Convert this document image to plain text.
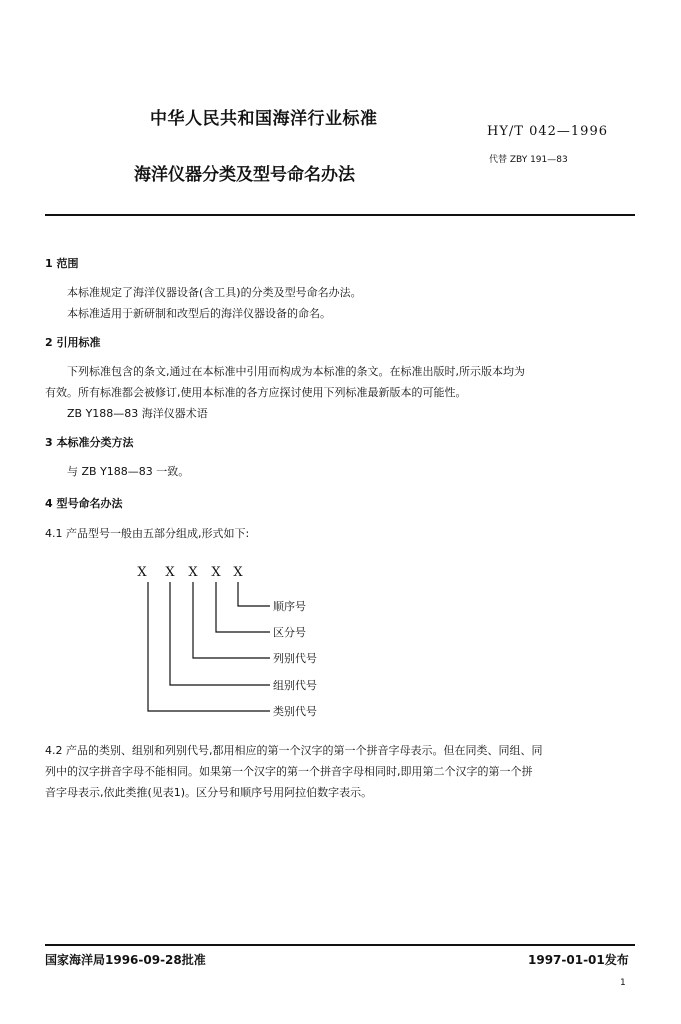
中华人民共和国海洋行业标准
HY/T 042—1996
代替 ZBY 191—83
海洋仪器分类及型号命名办法
1 范围
本标准规定了海洋仪器设备(含工具)的分类及型号命名办法。
本标准适用于新研制和改型后的海洋仪器设备的命名。
2 引用标准
下列标准包含的条文,通过在本标准中引用而构成为本标准的条文。在标准出版时,所示版本均为
有效。所有标准都会被修订,使用本标准的各方应探讨使用下列标准最新版本的可能性。
ZB Y188—83 海洋仪器术语
3 本标准分类方法
与 ZB Y188—83 一致。
4 型号命名办法
4.1 产品型号一般由五部分组成,形式如下:
X X X X X
顺序号
区分号
列别代号
组别代号
类别代号
4.2 产品的类别、组别和列别代号,都用相应的第一个汉字的第一个拼音字母表示。但在同类、同组、同
列中的汉字拼音字母不能相同。如果第一个汉字的第一个拼音字母相同时,即用第二个汉字的第一个拼
音字母表示,依此类推(见表1)。区分号和顺序号用阿拉伯数字表示。
国家海洋局1996-09-28批准	1997-01-01发布
1
